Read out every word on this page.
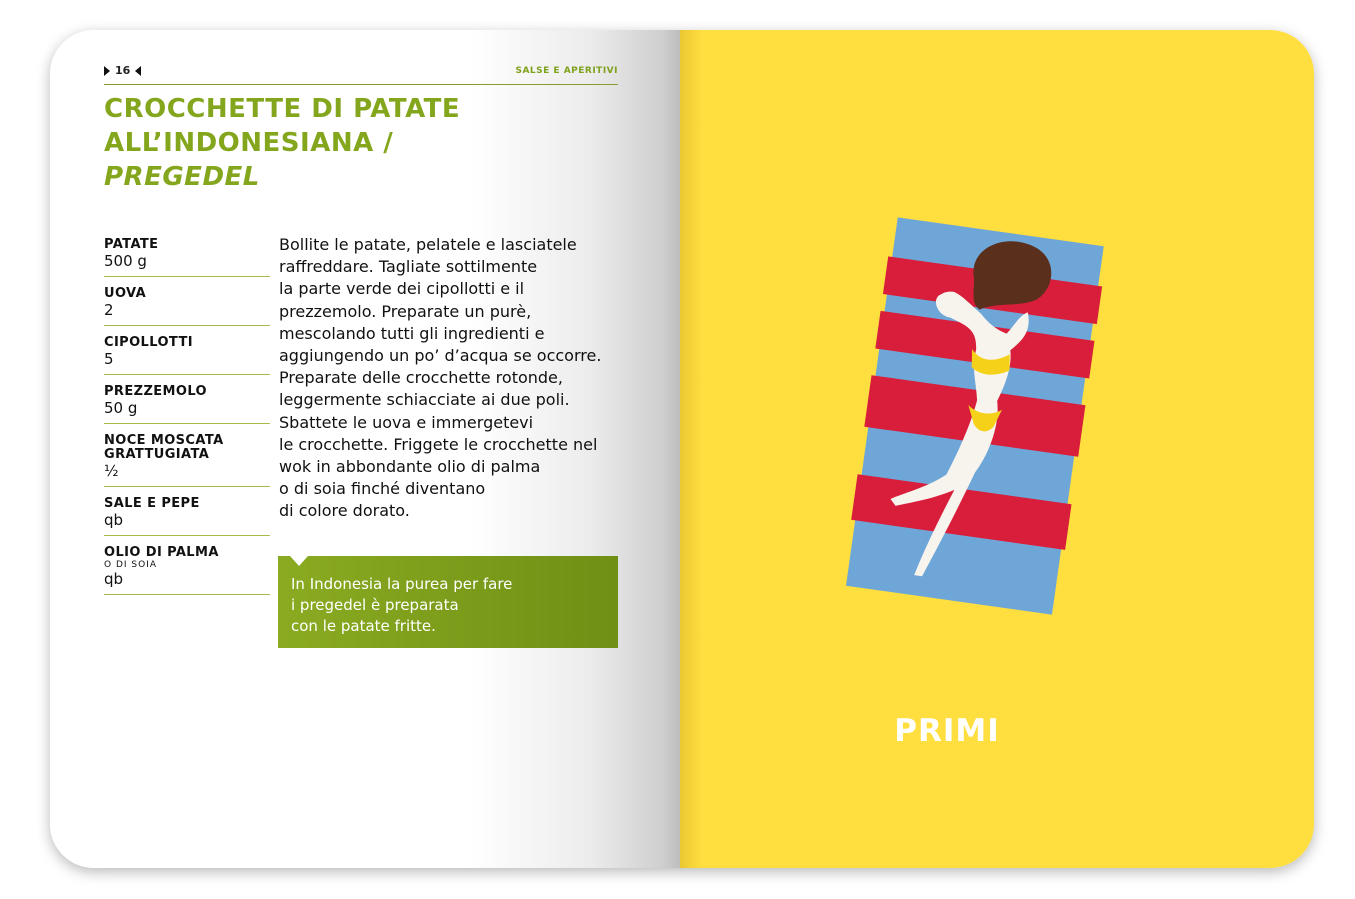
16	SALSE E APERITIVI
CROCCHETTE DI PATATE
ALL’INDONESIANA /
PREGEDEL
PATATE
500 g
UOVA
2
CIPOLLOTTI
5
PREZZEMOLO
50 g
NOCE MOSCATA GRATTUGIATA
½
SALE E PEPE
qb
OLIO DI PALMA
O DI SOIA
qb
Bollite le patate, pelatele e lasciatele
raffreddare. Tagliate sottilmente
la parte verde dei cipollotti e il
prezzemolo. Preparate un purè,
mescolando tutti gli ingredienti e
aggiungendo un po’ d’acqua se occorre.
Preparate delle crocchette rotonde,
leggermente schiacciate ai due poli.
Sbattete le uova e immergetevi
le crocchette. Friggete le crocchette nel
wok in abbondante olio di palma
o di soia finché diventano
di colore dorato.
In Indonesia la purea per fare
i pregedel è preparata
con le patate fritte.
PRIMI
